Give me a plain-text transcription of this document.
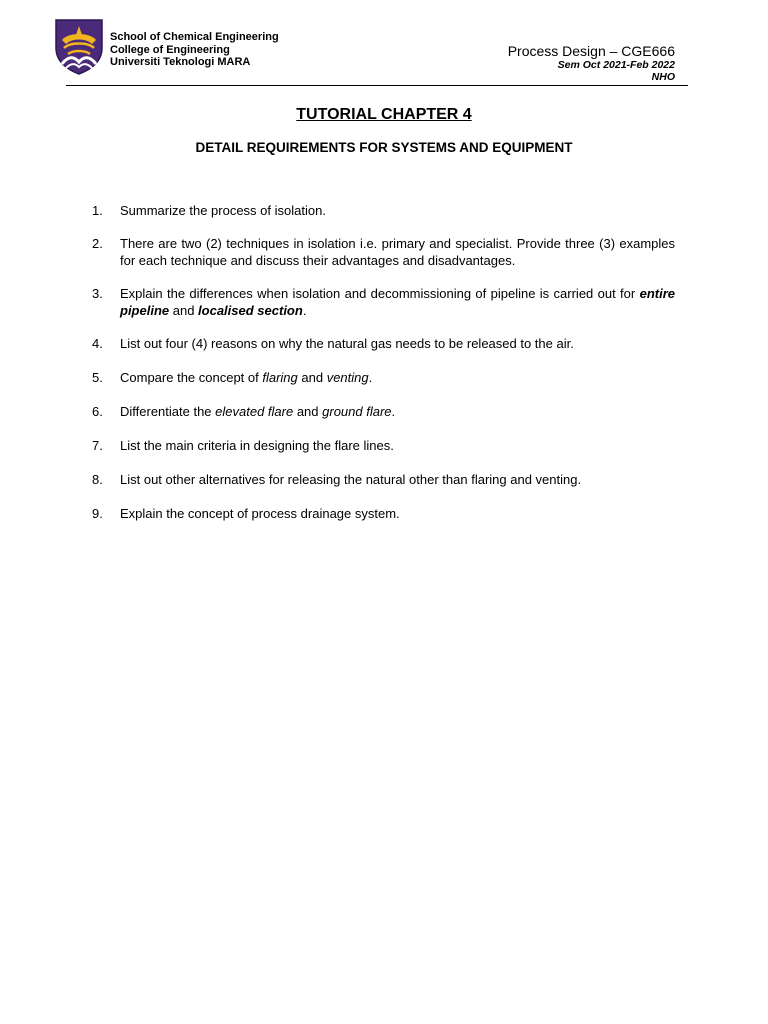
School of Chemical Engineering
College of Engineering
Universiti Teknologi MARA
Process Design – CGE666
Sem Oct 2021-Feb 2022
NHO
TUTORIAL CHAPTER 4
DETAIL REQUIREMENTS FOR SYSTEMS AND EQUIPMENT
1. Summarize the process of isolation.
2. There are two (2) techniques in isolation i.e. primary and specialist. Provide three (3) examples for each technique and discuss their advantages and disadvantages.
3. Explain the differences when isolation and decommissioning of pipeline is carried out for entire pipeline and localised section.
4. List out four (4) reasons on why the natural gas needs to be released to the air.
5. Compare the concept of flaring and venting.
6. Differentiate the elevated flare and ground flare.
7. List the main criteria in designing the flare lines.
8. List out other alternatives for releasing the natural other than flaring and venting.
9. Explain the concept of process drainage system.
